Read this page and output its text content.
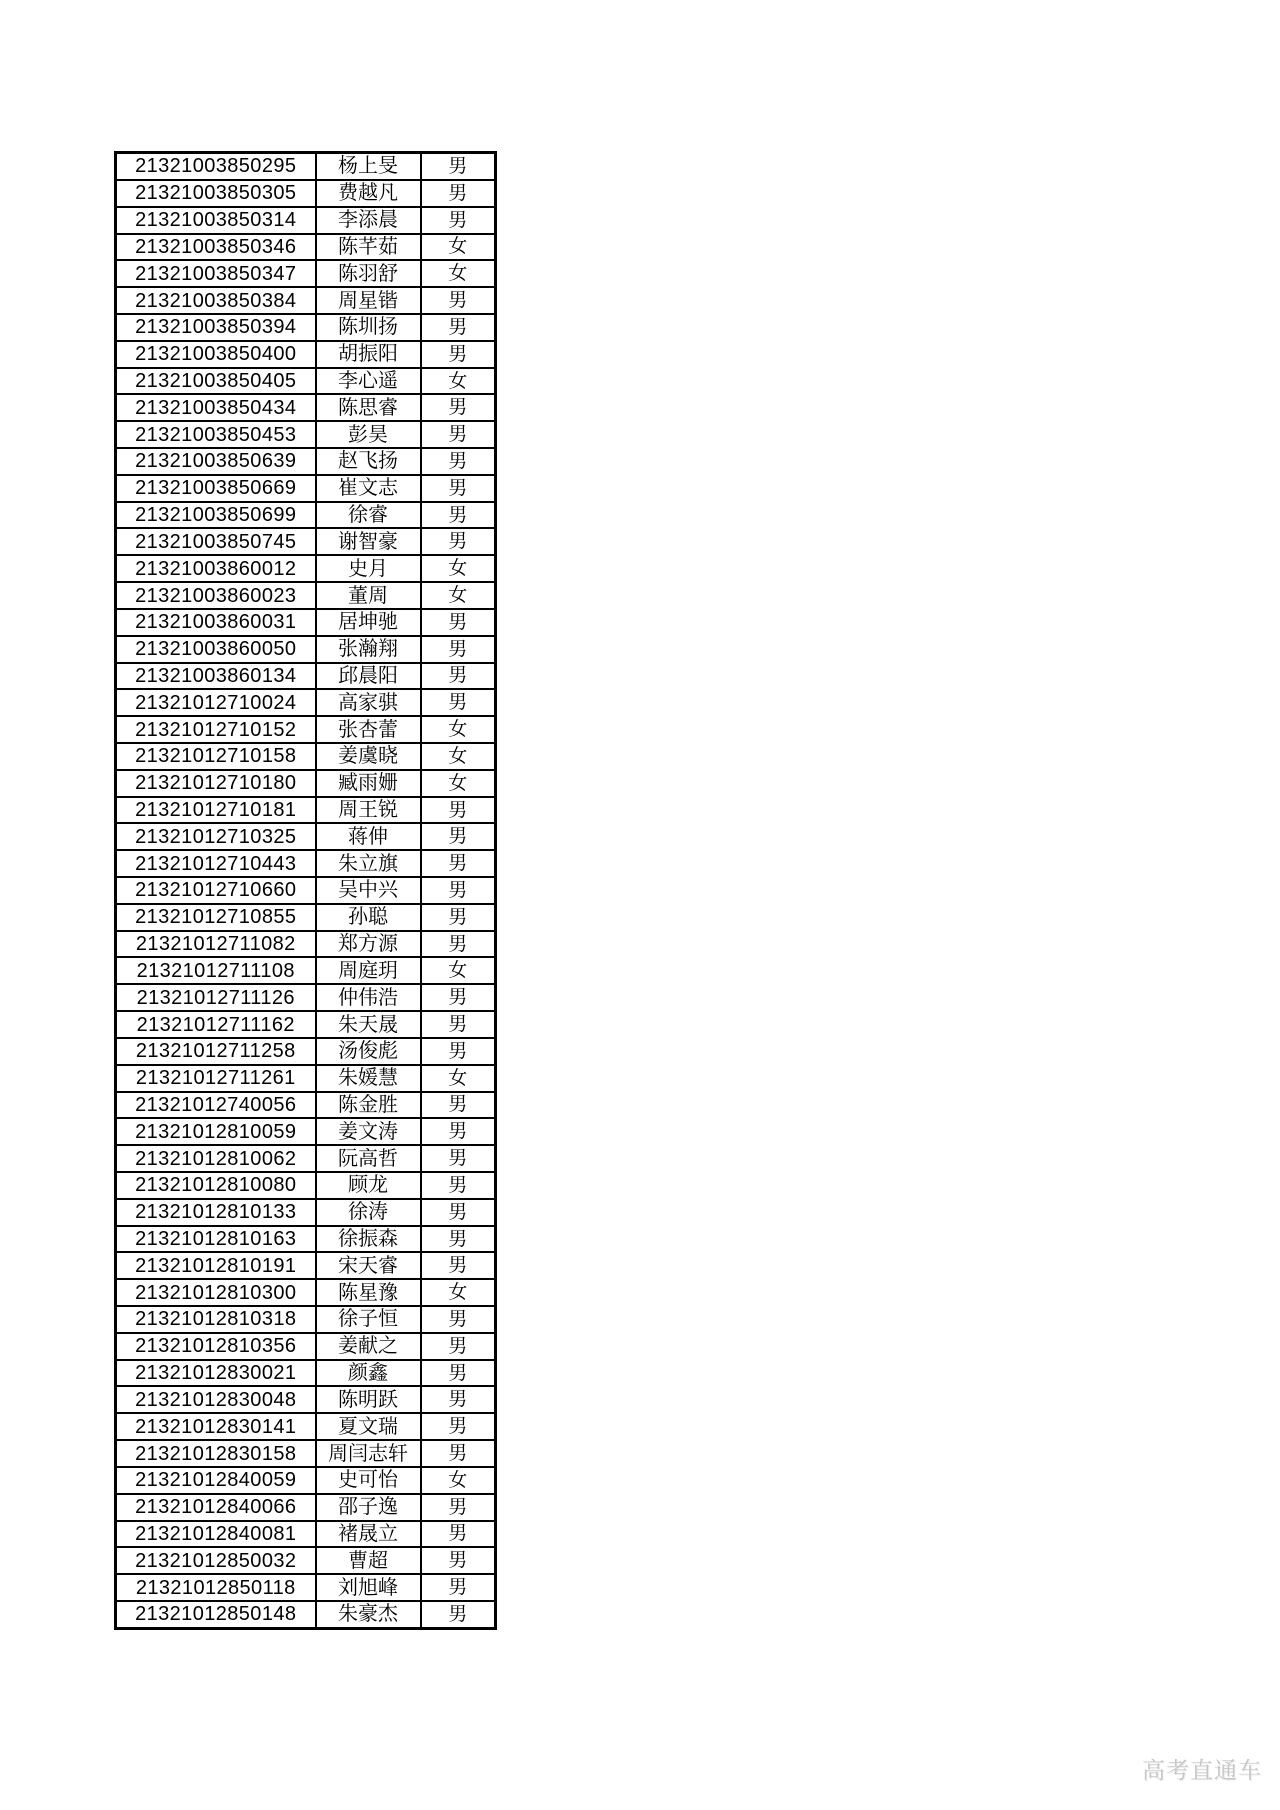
21321003850295	杨上旻	男
21321003850305	费越凡	男
21321003850314	李添晨	男
21321003850346	陈芊茹	女
21321003850347	陈羽舒	女
21321003850384	周星锴	男
21321003850394	陈圳扬	男
21321003850400	胡振阳	男
21321003850405	李心遥	女
21321003850434	陈思睿	男
21321003850453	彭昊	男
21321003850639	赵飞扬	男
21321003850669	崔文志	男
21321003850699	徐睿	男
21321003850745	谢智豪	男
21321003860012	史月	女
21321003860023	董周	女
21321003860031	居坤驰	男
21321003860050	张瀚翔	男
21321003860134	邱晨阳	男
21321012710024	高家骐	男
21321012710152	张杏蕾	女
21321012710158	姜虞晓	女
21321012710180	臧雨姗	女
21321012710181	周王锐	男
21321012710325	蒋伸	男
21321012710443	朱立旗	男
21321012710660	吴中兴	男
21321012710855	孙聪	男
21321012711082	郑方源	男
21321012711108	周庭玥	女
21321012711126	仲伟浩	男
21321012711162	朱天晟	男
21321012711258	汤俊彪	男
21321012711261	朱媛慧	女
21321012740056	陈金胜	男
21321012810059	姜文涛	男
21321012810062	阮高哲	男
21321012810080	顾龙	男
21321012810133	徐涛	男
21321012810163	徐振森	男
21321012810191	宋天睿	男
21321012810300	陈星豫	女
21321012810318	徐子恒	男
21321012810356	姜献之	男
21321012830021	颜鑫	男
21321012830048	陈明跃	男
21321012830141	夏文瑞	男
21321012830158	周闫志轩	男
21321012840059	史可怡	女
21321012840066	邵子逸	男
21321012840081	褚晟立	男
21321012850032	曹超	男
21321012850118	刘旭峰	男
21321012850148	朱豪杰	男
高考直通车
